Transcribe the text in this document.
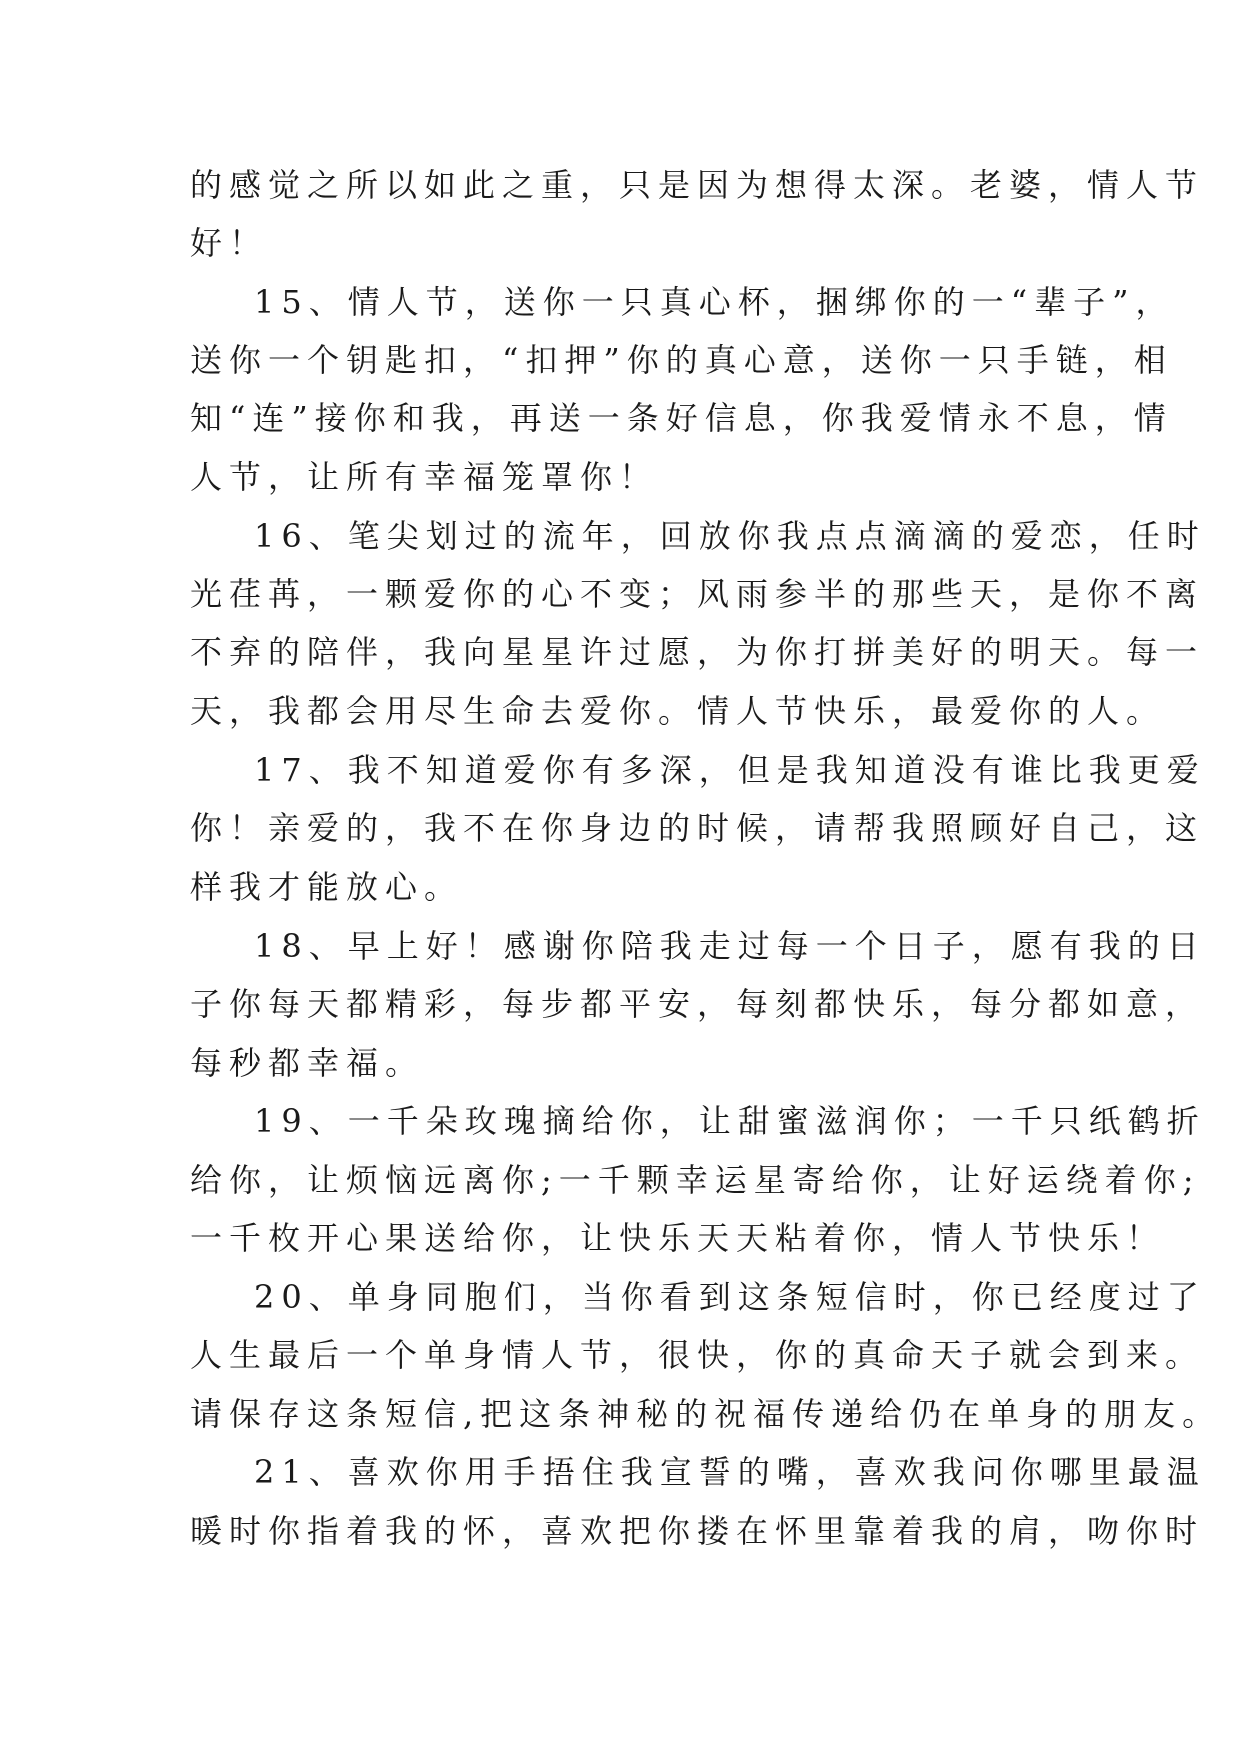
的感觉之所以如此之重，只是因为想得太深。老婆，情人节
好！
15、情人节，送你一只真心杯，捆绑你的一“辈子”，
送你一个钥匙扣，“扣押”你的真心意，送你一只手链，相
知“连”接你和我，再送一条好信息，你我爱情永不息，情
人节，让所有幸福笼罩你！
16、笔尖划过的流年，回放你我点点滴滴的爱恋，任时
光荏苒，一颗爱你的心不变；风雨参半的那些天，是你不离
不弃的陪伴，我向星星许过愿，为你打拼美好的明天。每一
天，我都会用尽生命去爱你。情人节快乐，最爱你的人。
17、我不知道爱你有多深，但是我知道没有谁比我更爱
你！亲爱的，我不在你身边的时候，请帮我照顾好自己，这
样我才能放心。
18、早上好！感谢你陪我走过每一个日子，愿有我的日
子你每天都精彩，每步都平安，每刻都快乐，每分都如意，
每秒都幸福。
19、一千朵玫瑰摘给你，让甜蜜滋润你；一千只纸鹤折
给你，让烦恼远离你;一千颗幸运星寄给你，让好运绕着你;
一千枚开心果送给你，让快乐天天粘着你，情人节快乐！
20、单身同胞们，当你看到这条短信时，你已经度过了
人生最后一个单身情人节，很快，你的真命天子就会到来。
请保存这条短信,把这条神秘的祝福传递给仍在单身的朋友。
21、喜欢你用手捂住我宣誓的嘴，喜欢我问你哪里最温
暖时你指着我的怀，喜欢把你搂在怀里靠着我的肩，吻你时
